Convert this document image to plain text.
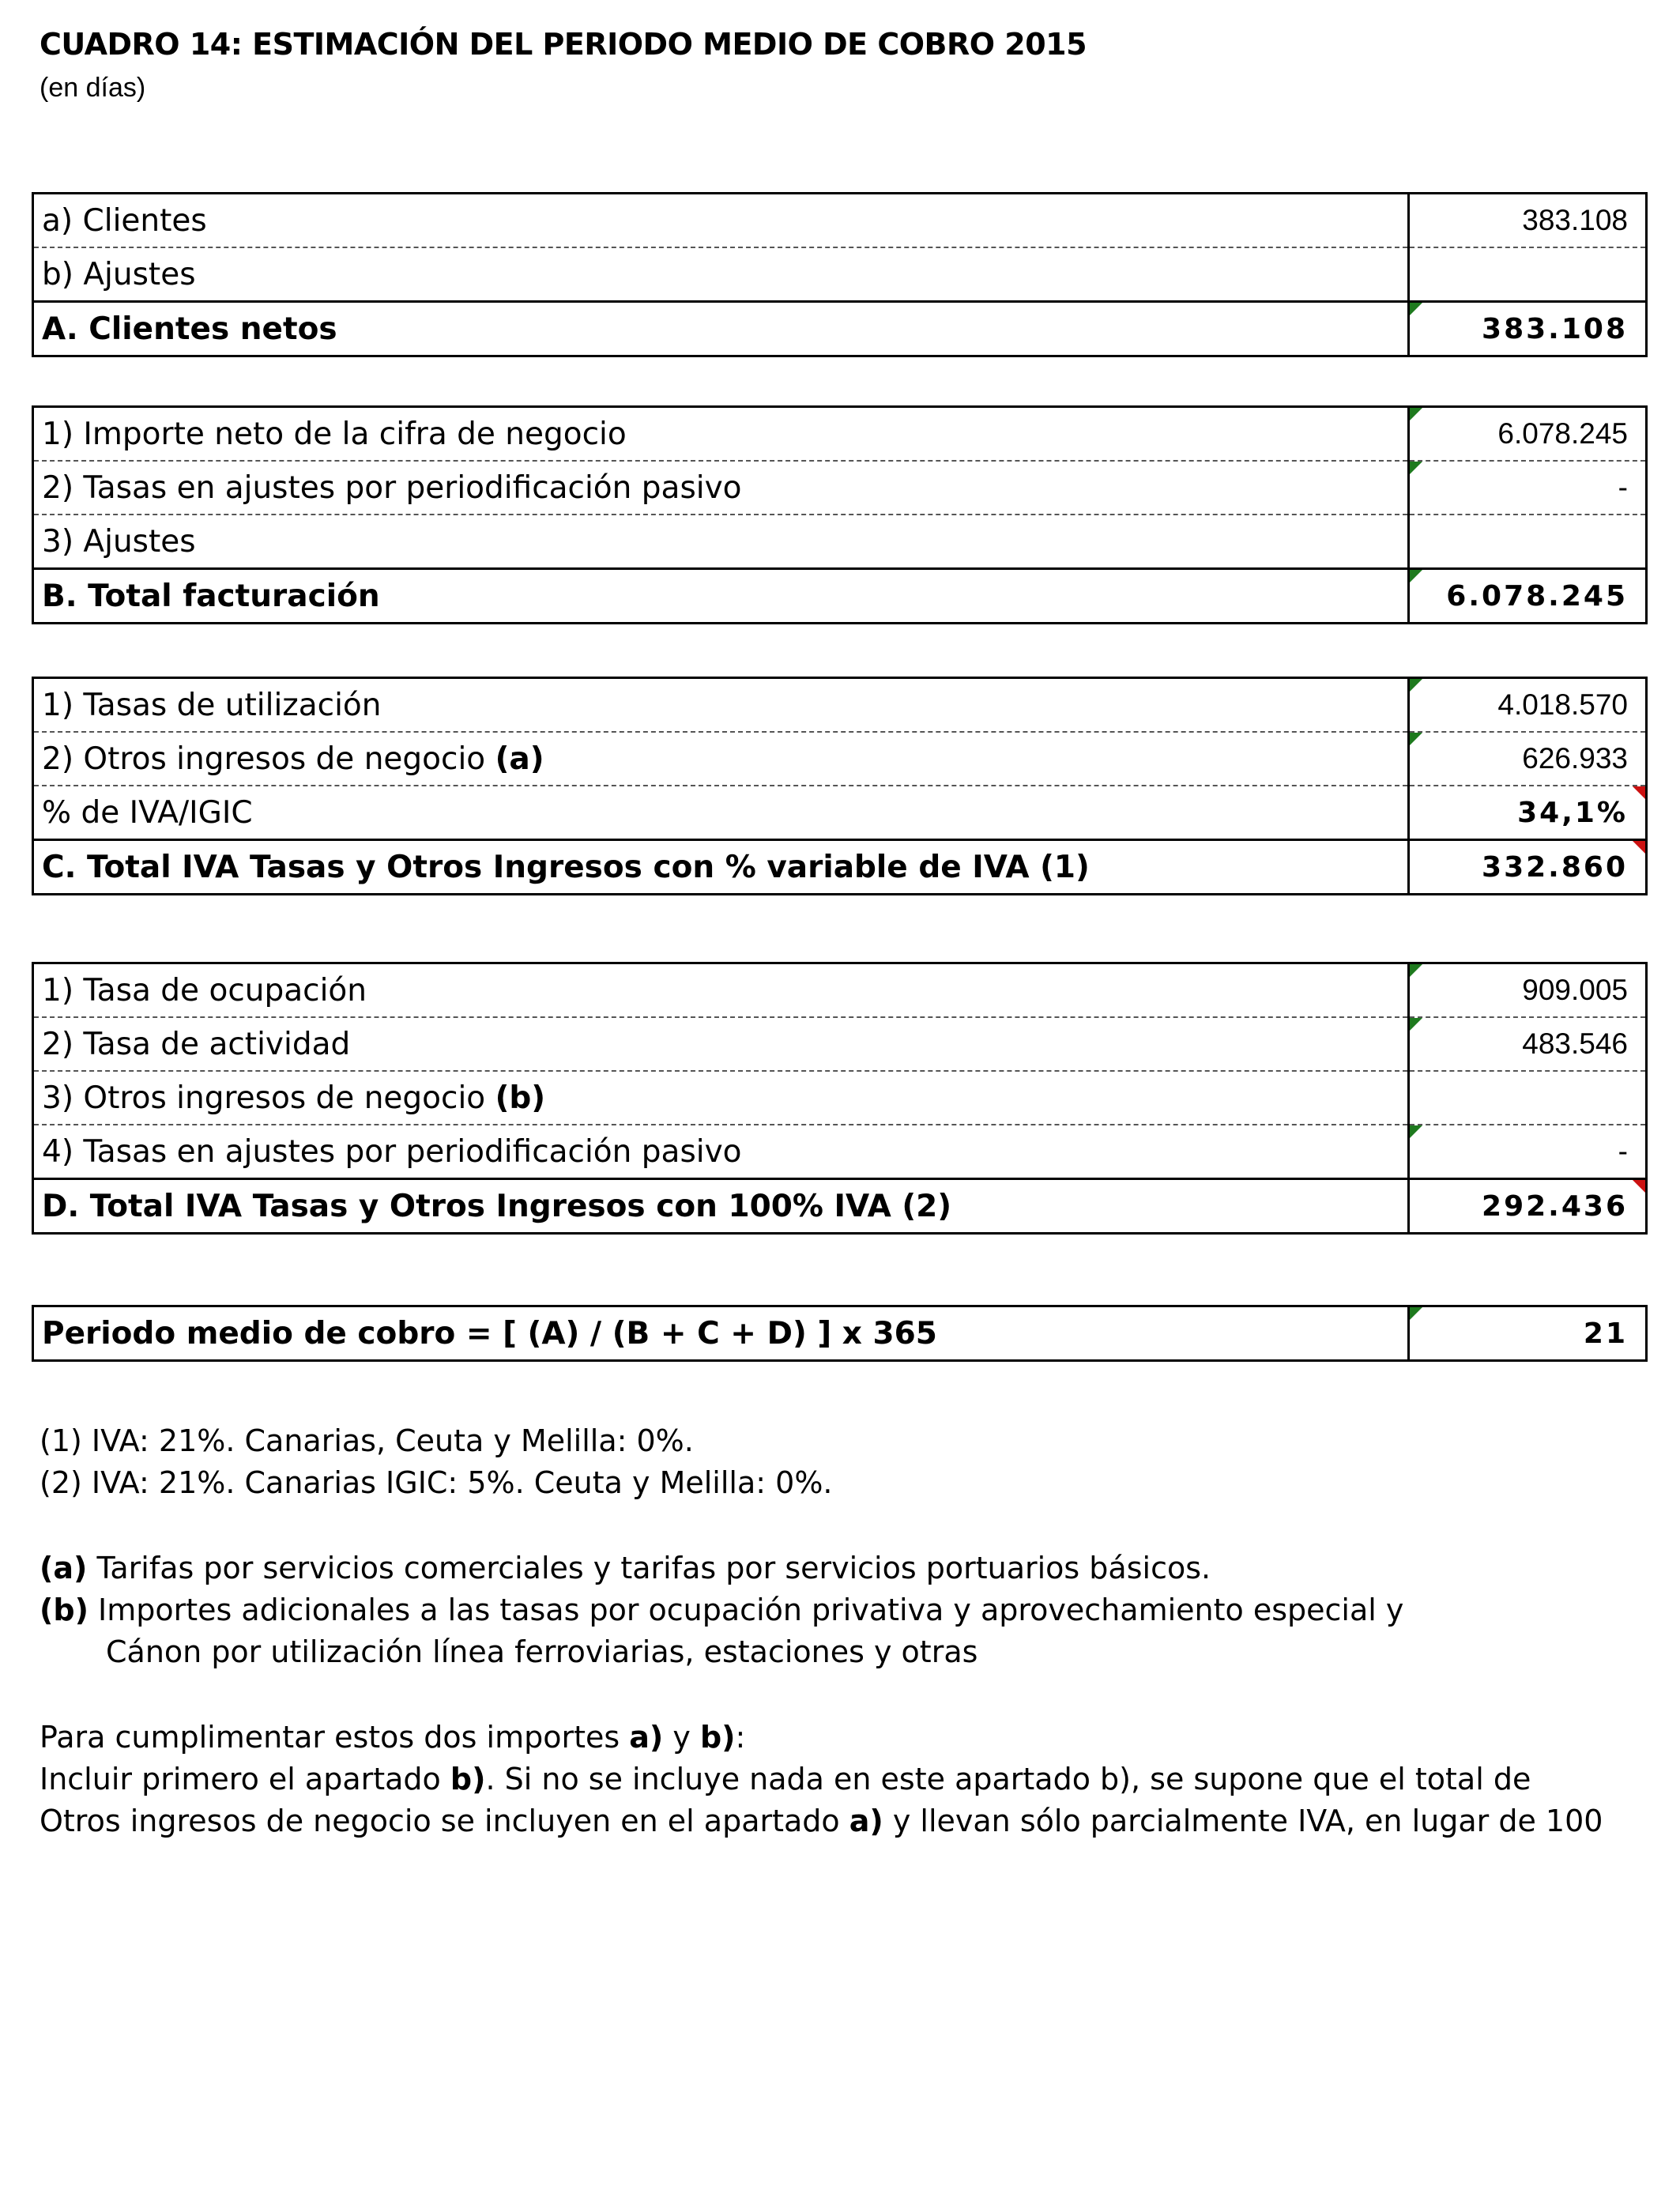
CUADRO 14: ESTIMACIÓN DEL PERIODO MEDIO DE COBRO 2015
(en días)
a) Clientes	383.108
b) Ajustes	
A. Clientes netos	383.108
1) Importe neto de la cifra de negocio	6.078.245
2) Tasas en ajustes por periodificación pasivo	-
3) Ajustes	
B. Total facturación	6.078.245
1) Tasas de utilización	4.018.570
2) Otros ingresos de negocio (a)	626.933
% de IVA/IGIC	34,1%
C. Total IVA Tasas y Otros Ingresos con % variable de IVA (1)	332.860
1) Tasa de ocupación	909.005
2) Tasa de actividad	483.546
3) Otros ingresos de negocio (b)	
4) Tasas en ajustes por periodificación pasivo	-
D. Total IVA Tasas y Otros Ingresos con 100% IVA (2)	292.436
Periodo medio de cobro = [ (A) / (B + C + D) ] x 365	21

(1) IVA: 21%. Canarias, Ceuta y Melilla: 0%.

(2) IVA: 21%. Canarias IGIC: 5%. Ceuta y Melilla: 0%.

(a) Tarifas por servicios comerciales y tarifas por servicios portuarios básicos.

(b) Importes adicionales a las tasas por ocupación privativa y aprovechamiento especial y

Cánon por utilización línea ferroviarias, estaciones y otras

Para cumplimentar estos dos importes a) y b):

Incluir primero el apartado b). Si no se incluye nada en este apartado b), se supone que el total de

Otros ingresos de negocio se incluyen en el apartado a) y llevan sólo parcialmente IVA, en lugar de 100
